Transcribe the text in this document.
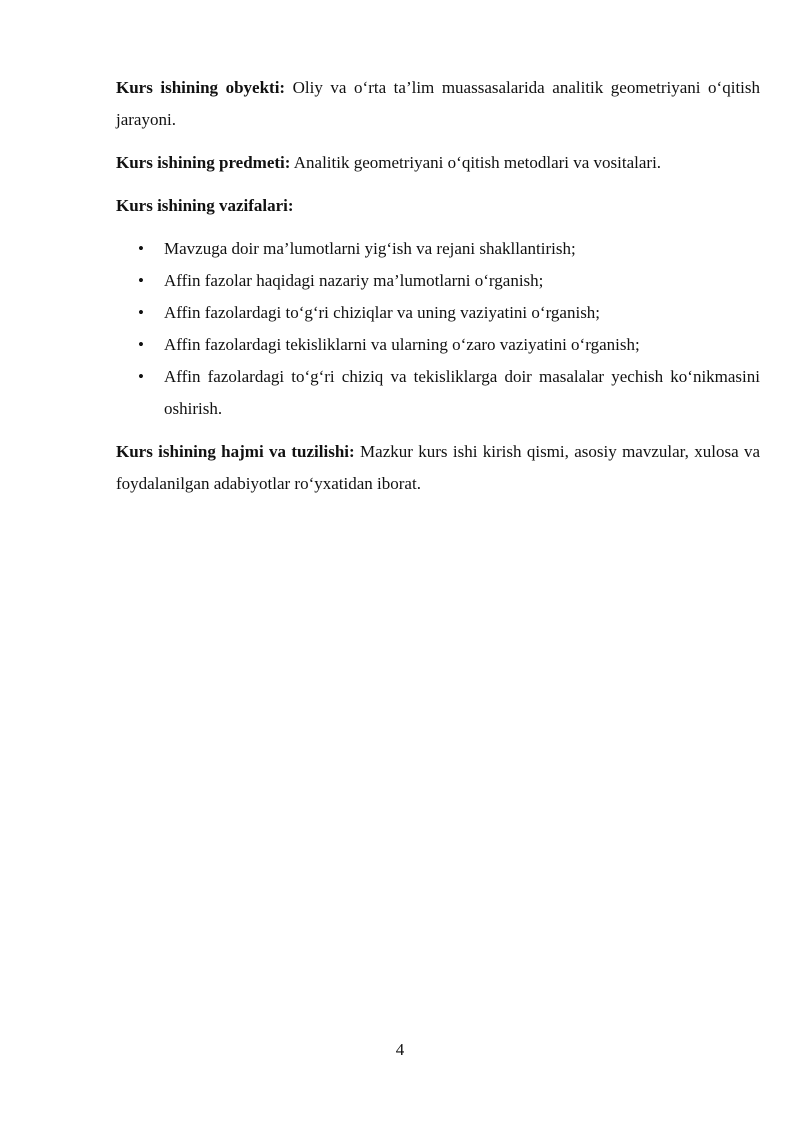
Kurs ishining obyekti: Oliy va o‘rta ta’lim muassasalarida analitik geometriyani o‘qitish jarayoni.

Kurs ishining predmeti: Analitik geometriyani o‘qitish metodlari va vositalari.

Kurs ishining vazifalari:

• Mavzuga doir ma’lumotlarni yig‘ish va rejani shakllantirish;
• Affin fazolar haqidagi nazariy ma’lumotlarni o‘rganish;
• Affin fazolardagi to‘g‘ri chiziqlar va uning vaziyatini o‘rganish;
• Affin fazolardagi tekisliklarni va ularning o‘zaro vaziyatini o‘rganish;
• Affin fazolardagi to‘g‘ri chiziq va tekisliklarga doir masalalar yechish ko‘nikmasini oshirish.

Kurs ishining hajmi va tuzilishi: Mazkur kurs ishi kirish qismi, asosiy mavzular, xulosa va foydalanilgan adabiyotlar ro‘yxatidan iborat.

4
